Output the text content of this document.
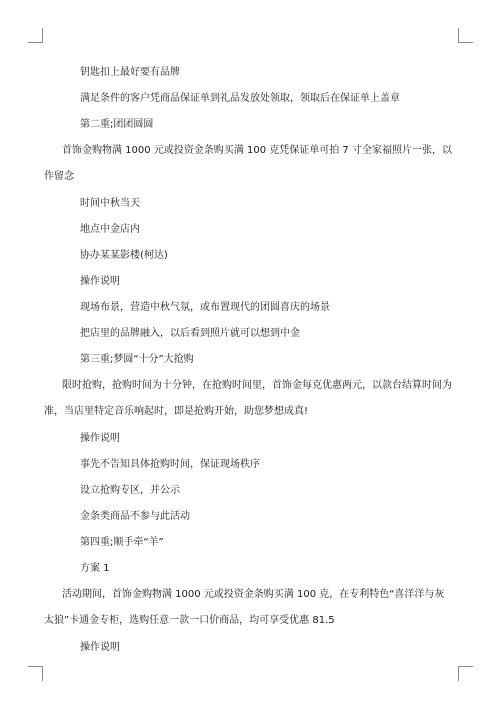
钥匙扣上最好要有品牌

满足条件的客户凭商品保证单到礼品发放处领取，领取后在保证单上盖章

第二重;团团圆圆

首饰金购物满 1000 元或投资金条购买满 100 克凭保证单可拍 7 寸全家福照片一张，以作留念

时间中秋当天

地点中金店内

协办某某影楼(柯达)

操作说明

现场布景，营造中秋气氛，或布置现代的团圆喜庆的场景

把店里的品牌融入，以后看到照片就可以想到中金

第三重;梦圆“十分”大抢购

限时抢购，抢购时间为十分钟，在抢购时间里，首饰金每克优惠两元，以款台结算时间为准，当店里特定音乐响起时，即是抢购开始，助您梦想成真!

操作说明

事先不告知具体抢购时间，保证现场秩序

设立抢购专区，并公示

金条类商品不参与此活动

第四重;顺手牵“羊”

方案 1

活动期间，首饰金购物满 1000 元或投资金条购买满 100 克，在专利特色“喜洋洋与灰太狼”卡通金专柜，选购任意一款一口价商品，均可享受优惠 81.5

操作说明
